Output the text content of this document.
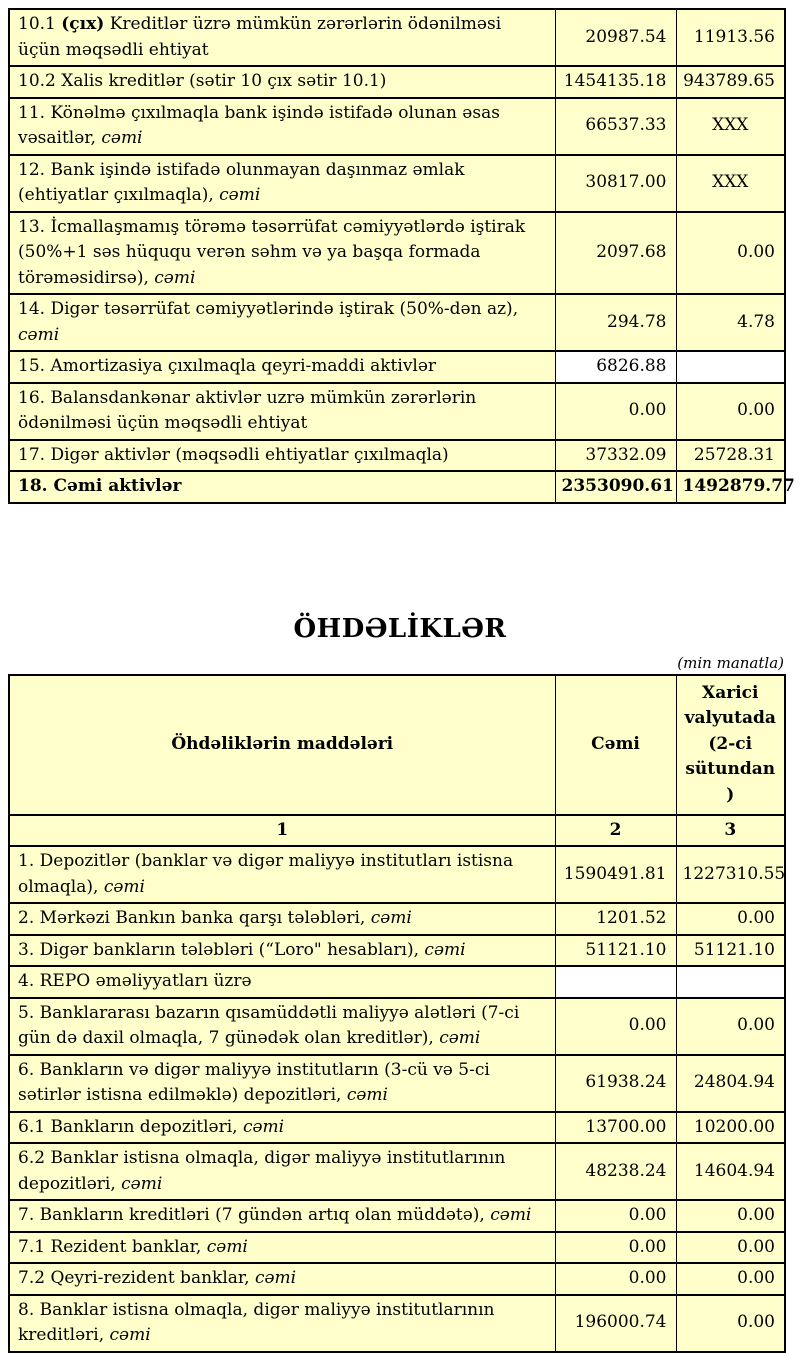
10.1 (çıx) Kreditlər üzrə mümkün zərərlərin ödənilməsi üçün məqsədli ehtiyat	20987.54	11913.56
10.2 Xalis kreditlər (sətir 10 çıx sətir 10.1)	1454135.18	943789.65
11. Könəlmə çıxılmaqla bank işində istifadə olunan əsas vəsaitlər, cəmi	66537.33	XXX
12. Bank işində istifadə olunmayan daşınmaz əmlak (ehtiyatlar çıxılmaqla), cəmi	30817.00	XXX
13. İcmallaşmamış törəmə təsərrüfat cəmiyyətlərdə iştirak (50%+1 səs hüququ verən səhm və ya başqa formada törəməsidirsə), cəmi	2097.68	0.00
14. Digər təsərrüfat cəmiyyətlərində iştirak (50%-dən az), cəmi	294.78	4.78
15. Amortizasiya çıxılmaqla qeyri-maddi aktivlər	6826.88	
16. Balansdankənar aktivlər uzrə mümkün zərərlərin ödənilməsi üçün məqsədli ehtiyat	0.00	0.00
17. Digər aktivlər (məqsədli ehtiyatlar çıxılmaqla)	37332.09	25728.31
18. Cəmi aktivlər	2353090.61	1492879.77
ÖHDƏLİKLƏR
(min manatla)
Öhdəliklərin maddələri	Cəmi	Xarici valyutada (2-ci sütundan)
1	2	3
1. Depozitlər (banklar və digər maliyyə institutları istisna olmaqla), cəmi	1590491.81	1227310.55
2. Mərkəzi Bankın banka qarşı tələbləri, cəmi	1201.52	0.00
3. Digər bankların tələbləri (“Loro" hesabları), cəmi	51121.10	51121.10
4. REPO əməliyyatları üzrə		
5. Banklararası bazarın qısamüddətli maliyyə alətləri (7-ci gün də daxil olmaqla, 7 günədək olan kreditlər), cəmi	0.00	0.00
6. Bankların və digər maliyyə institutların (3-cü və 5-ci sətirlər istisna edilməklə) depozitləri, cəmi	61938.24	24804.94
6.1 Bankların depozitləri, cəmi	13700.00	10200.00
6.2 Banklar istisna olmaqla, digər maliyyə institutlarının depozitləri, cəmi	48238.24	14604.94
7. Bankların kreditləri (7 gündən artıq olan müddətə), cəmi	0.00	0.00
7.1 Rezident banklar, cəmi	0.00	0.00
7.2 Qeyri-rezident banklar, cəmi	0.00	0.00
8. Banklar istisna olmaqla, digər maliyyə institutlarının kreditləri, cəmi	196000.74	0.00
